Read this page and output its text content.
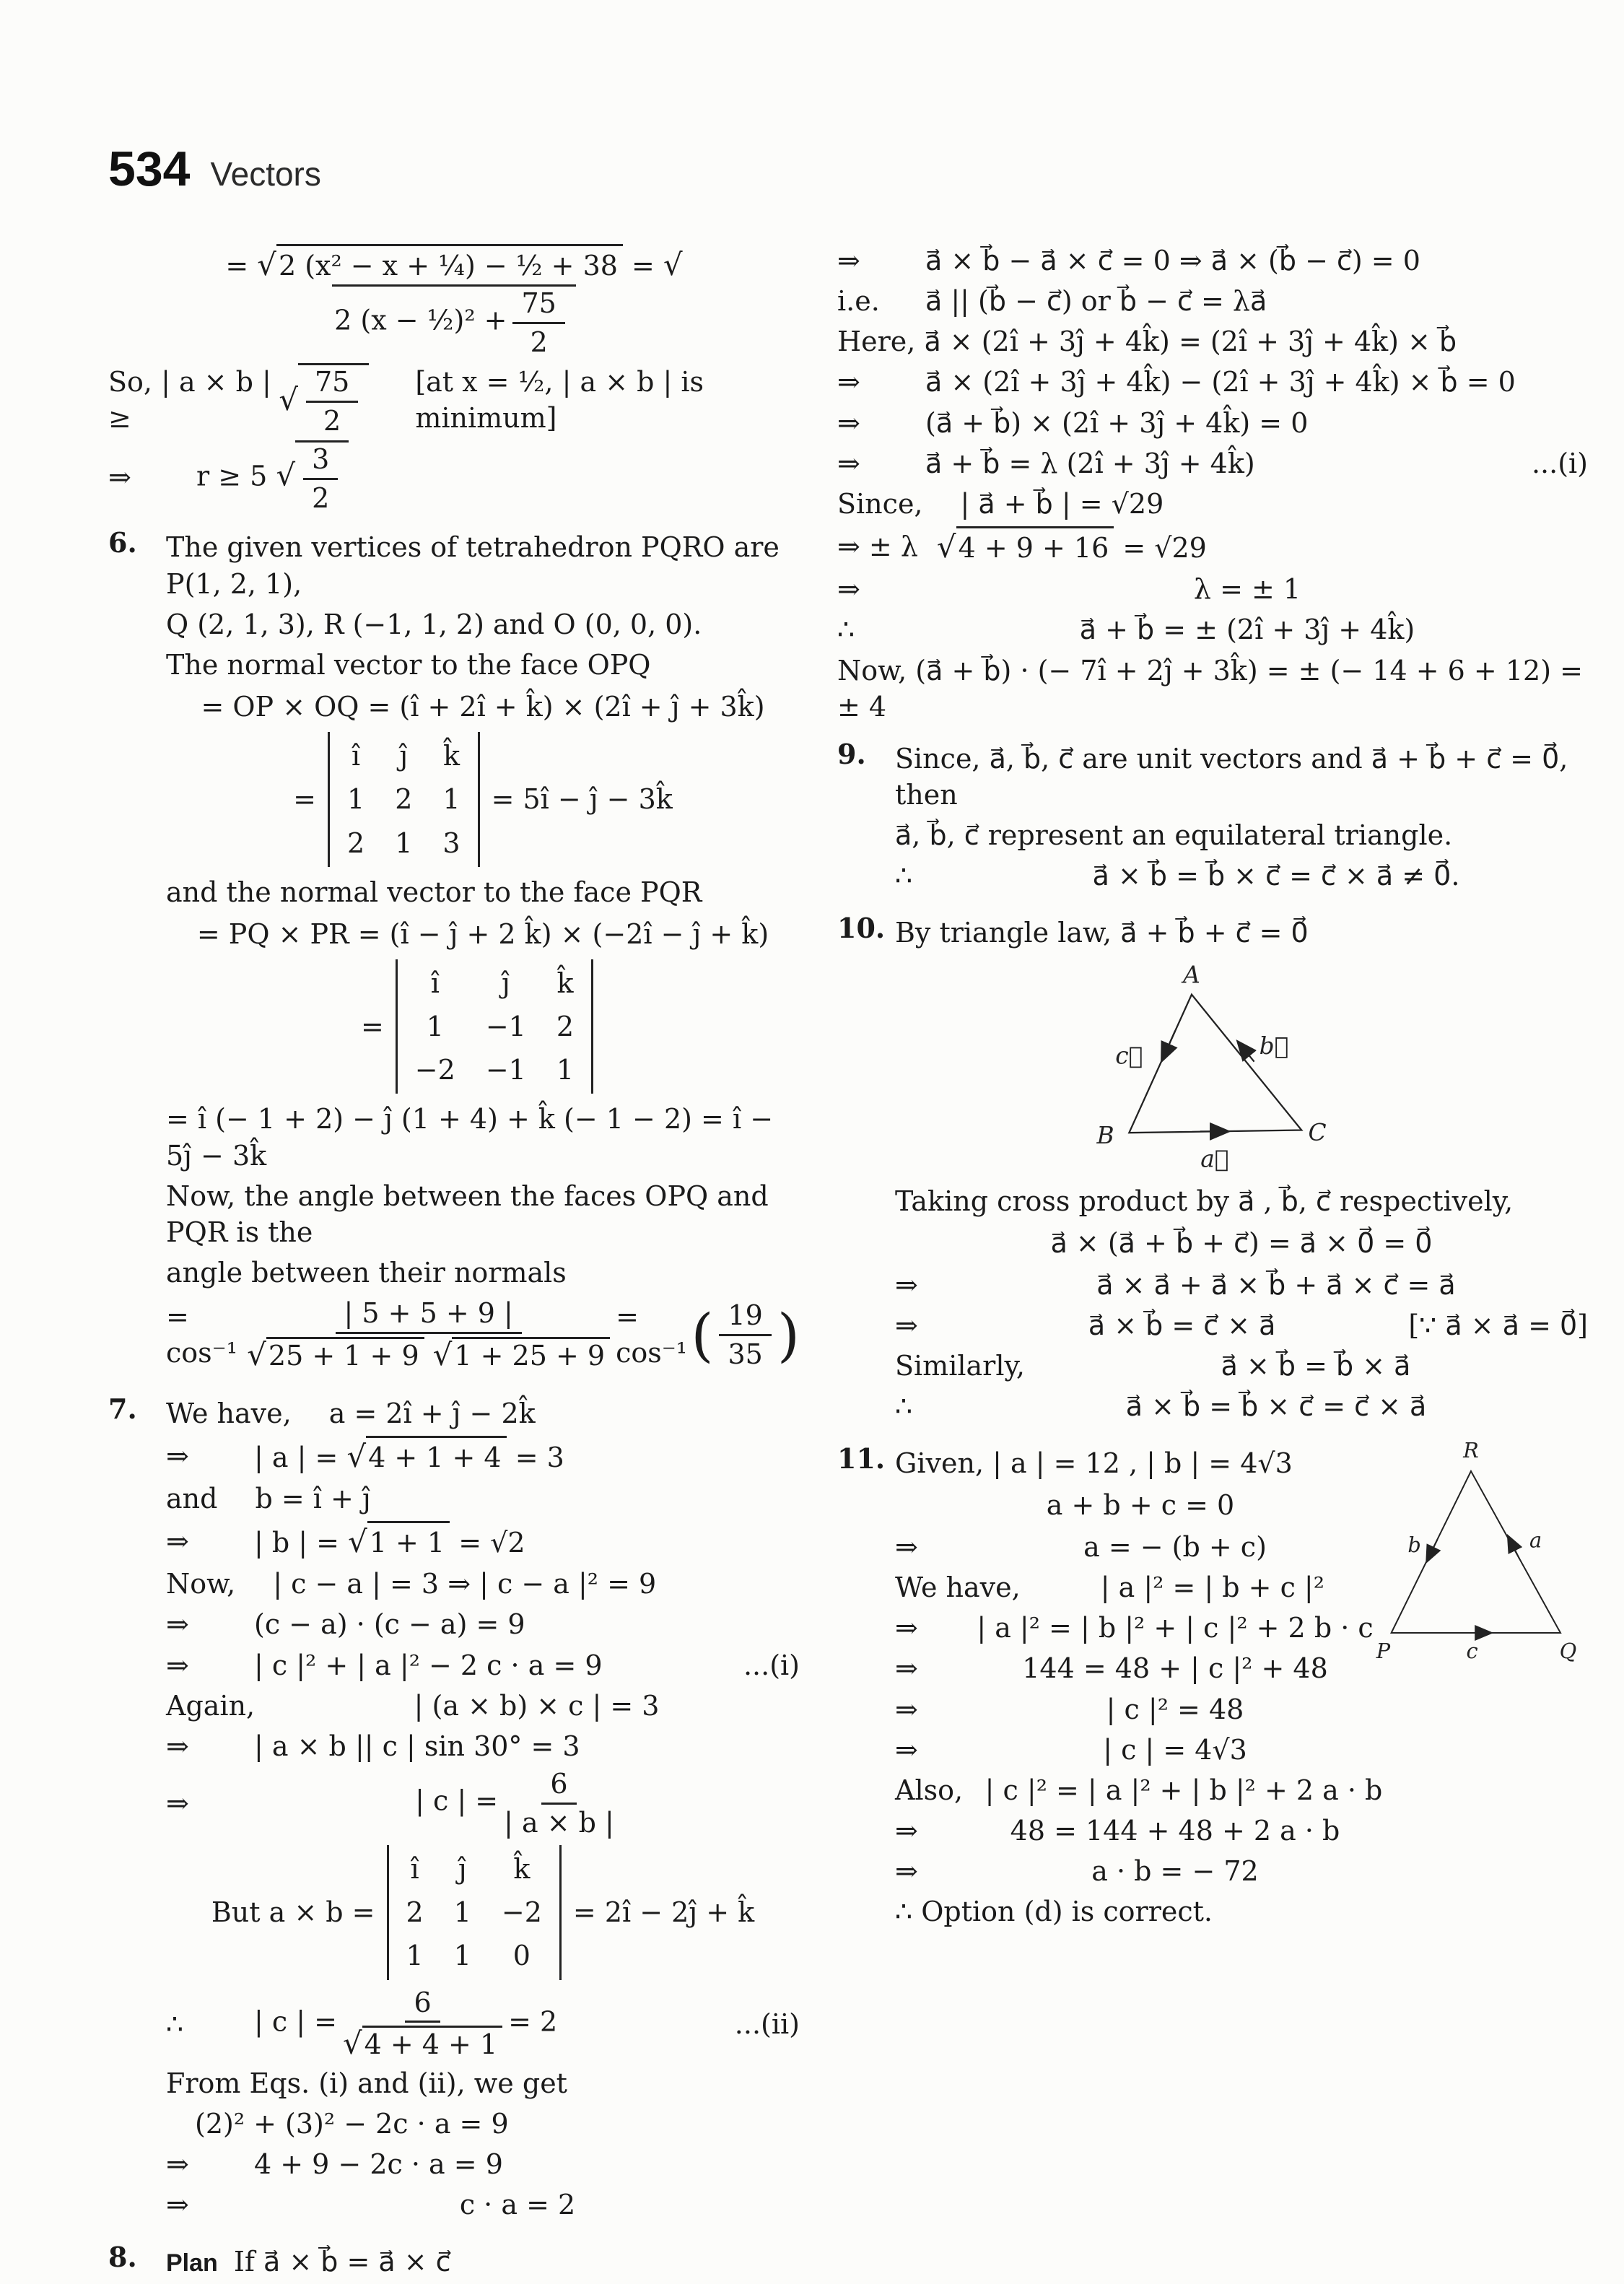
534 Vectors
= √2 (x² − x + ¼) − ½ + 38 = √2 (x − ½)² + $\frac{75}{2}$
So, | a × b | ≥
√ $\frac{75}{2} [at$ x = ½, | a × b | is minimum]
⇒	r ≥ 5 √ $\frac{3}{2}$
6.	The given vertices of tetrahedron PQRO are P(1, 2, 1),
Q (2, 1, 3), R (−1, 1, 2) and O (0, 0, 0).
The normal vector to the face OPQ
= OP × OQ = (î + 2î + k̂) × (2î + ĵ + 3k̂)
=
î ĵ k̂
1 2 1
2 1 3
= 5î − ĵ − 3k̂
and the normal vector to the face PQR
= PQ × PR = (î − ĵ + 2 k̂) × (−2î − ĵ + k̂)
=
î	ĵ	k̂
1	−1 2
−2 −1 1
= î (− 1 + 2) − ĵ (1 + 4) + k̂ (− 1 − 2) = î − 5ĵ − 3k̂
Now, the angle between the faces OPQ and PQR is the
angle between their normals
= $\cos^{-1} \frac{| 5 + 5 + 9 |}{√25 + 1 + 9 √1 + 25 + 9} = \cos^{-1}$ ( $\frac{19}{35}$ )
7.	We have,	a = 2î + ĵ − 2k̂
⇒	| a | = √4 + 1 + 4 = 3
and	b = î + ĵ
⇒	| b | = √1 + 1 = √2
Now,	| c − a | = 3 ⇒ | c − a |² = 9
⇒	(c − a) · (c − a) = 9
⇒	| c |² + | a |² − 2 c · a = 9	...(i)
Again,	| (a × b) × c | = 3
⇒	| a × b || c | sin 30° = 3
⇒	| c | = $\frac{6}{| a \times b |}$
But a × b =
î ĵ	k̂
2 1 −2
1 1	0
= 2î − 2ĵ + k̂
∴	| c | = $\frac{6}{√4 + 4 + 1} = 2$	...(ii)
From Eqs. (i) and (ii), we get
(2)² + (3)² − 2c · a = 9
⇒	4 + 9 − 2c · a = 9
⇒	c · a = 2
8.	Plan If a⃗ × b⃗ = a⃗ × c⃗
⇒	a⃗ × b⃗ − a⃗ × c⃗ = 0 ⇒ a⃗ × (b⃗ − c⃗) = 0
i.e.	a⃗ || (b⃗ − c⃗) or b⃗ − c⃗ = λa⃗
Here, a⃗ × (2î + 3ĵ + 4k̂) = (2î + 3ĵ + 4k̂) × b⃗
⇒	a⃗ × (2î + 3ĵ + 4k̂) − (2î + 3ĵ + 4k̂) × b⃗ = 0
⇒	(a⃗ + b⃗) × (2î + 3ĵ + 4k̂) = 0
⇒	a⃗ + b⃗ = λ (2î + 3ĵ + 4k̂)	...(i)
Since,	| a⃗ + b⃗ | = √29
⇒ ± λ √4 + 9 + 16 = √29
⇒	λ = ± 1
∴	a⃗ + b⃗ = ± (2î + 3ĵ + 4k̂)
Now, (a⃗ + b⃗) · (− 7î + 2ĵ + 3k̂) = ± (− 14 + 6 + 12) = ± 4
9.	Since, a⃗, b⃗, c⃗ are unit vectors and a⃗ + b⃗ + c⃗ = 0⃗, then
a⃗, b⃗, c⃗ represent an equilateral triangle.
∴	a⃗ × b⃗ = b⃗ × c⃗ = c⃗ × a⃗ ≠ 0⃗.
10. By triangle law, a⃗ + b⃗ + c⃗ = 0⃗
A
B	C
c⃗	b⃗
a⃗
Taking cross product by a⃗ , b⃗, c⃗ respectively,
a⃗ × (a⃗ + b⃗ + c⃗) = a⃗ × 0⃗ = 0⃗
⇒	a⃗ × a⃗ + a⃗ × b⃗ + a⃗ × c⃗ = a⃗
⇒	a⃗ × b⃗ = c⃗ × a⃗	[∵ a⃗ × a⃗ = 0⃗]
Similarly,	a⃗ × b⃗ = b⃗ × a⃗
∴	a⃗ × b⃗ = b⃗ × c⃗ = c⃗ × a⃗
11. Given, | a | = 12 , | b | = 4√3
a + b + c = 0
⇒	a = − (b + c)
We have,	| a |² = | b + c |²
⇒	| a |² = | b |² + | c |² + 2 b · c
⇒	144 = 48 + | c |² + 48
⇒	| c |² = 48
⇒	| c | = 4√3
Also, | c |² = | a |² + | b |² + 2 a · b
⇒	48 = 144 + 48 + 2 a · b
⇒	a · b = − 72
∴ Option (d) is correct.
R
P	Q
b	a
c
